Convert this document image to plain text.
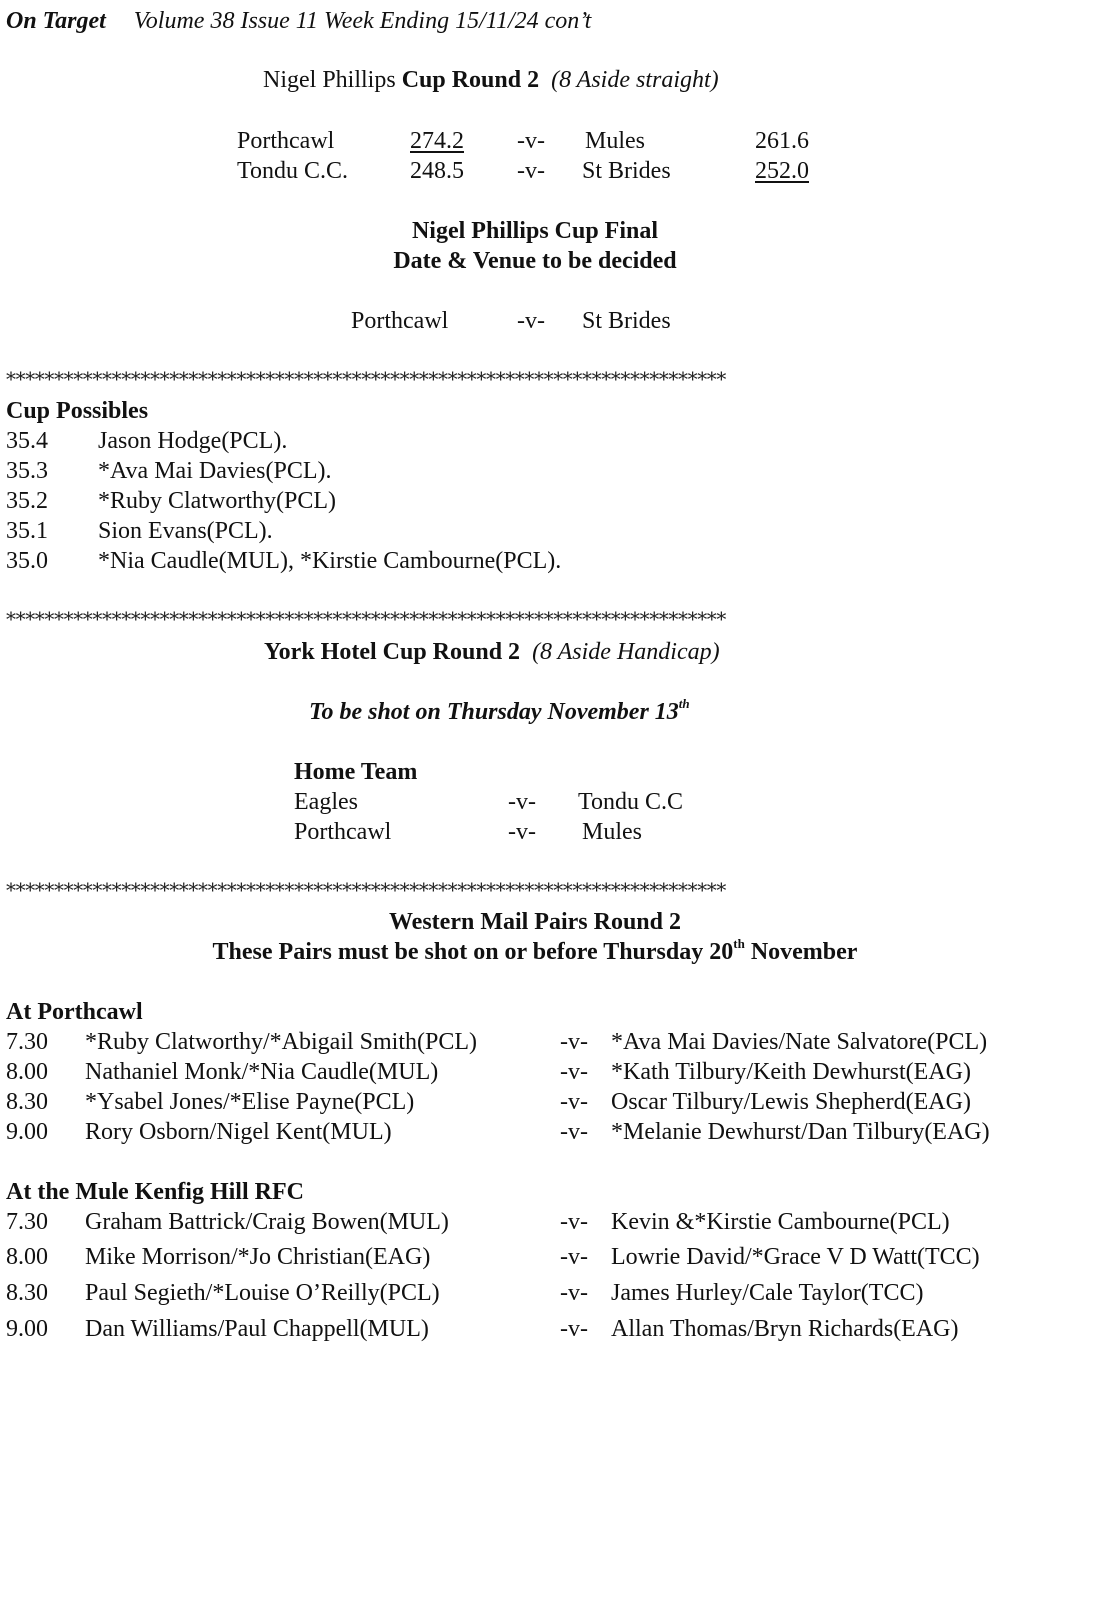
On Target Volume 38 Issue 11 Week Ending 15/11/24 con’t
Nigel Phillips Cup Round 2 (8 Aside straight)
Porthcawl	274.2 -v- Mules	261.6
Tondu C.C.	248.5 -v- St Brides	252.0
Nigel Phillips Cup Final
Date & Venue to be decided
Porthcawl	-v- St Brides
***************************************************************************
Cup Possibles
35.4 Jason Hodge(PCL).
35.3 *Ava Mai Davies(PCL).
35.2 *Ruby Clatworthy(PCL)
35.1 Sion Evans(PCL).
35.0 *Nia Caudle(MUL), *Kirstie Cambourne(PCL).
***************************************************************************
York Hotel Cup Round 2 (8 Aside Handicap)
To be shot on Thursday November 13th
Home Team
Eagles	-v- Tondu C.C
Porthcawl	-v- Mules
***************************************************************************
Western Mail Pairs Round 2
These Pairs must be shot on or before Thursday 20th November
At Porthcawl
7.30 *Ruby Clatworthy/*Abigail Smith(PCL)	-v- *Ava Mai Davies/Nate Salvatore(PCL)
8.00 Nathaniel Monk/*Nia Caudle(MUL)	-v- *Kath Tilbury/Keith Dewhurst(EAG)
8.30 *Ysabel Jones/*Elise Payne(PCL)	-v- Oscar Tilbury/Lewis Shepherd(EAG)
9.00 Rory Osborn/Nigel Kent(MUL)	-v- *Melanie Dewhurst/Dan Tilbury(EAG)
At the Mule Kenfig Hill RFC
7.30 Graham Battrick/Craig Bowen(MUL)	-v- Kevin &*Kirstie Cambourne(PCL)
8.00 Mike Morrison/*Jo Christian(EAG)	-v- Lowrie David/*Grace V D Watt(TCC)
8.30 Paul Segieth/*Louise O’Reilly(PCL)	-v- James Hurley/Cale Taylor(TCC)
9.00 Dan Williams/Paul Chappell(MUL)	-v- Allan Thomas/Bryn Richards(EAG)
